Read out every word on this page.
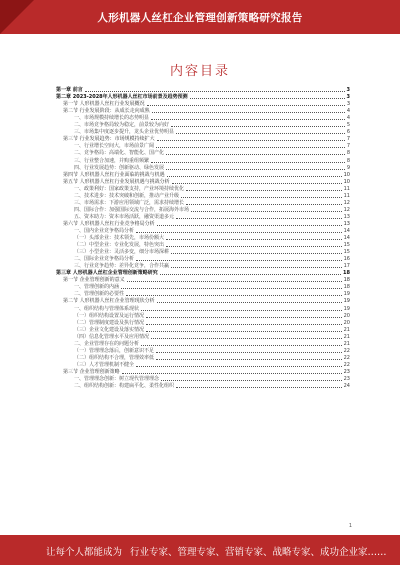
人形机器人丝杠企业管理创新策略研究报告
内容目录
第一章 前言	3
第二章 2023-2028年人形机器人丝杠市场前景及趋势预测	3
第一节 人形机器人丝杠行业发展概况	3
第二节 行业发展阶段：从成长走向成熟	4
一、市场规模持续增长的态势明显	4
二、市场竞争格局较为稳定，前景较为向好	5
三、市场集中度逐步提升，龙头企业优势明显	6
第三节 行业发展趋势：市场规模持续扩大	7
一、行业增长空间大，市场前景广阔	7
二、竞争格局：高端化、智能化、国产化	8
三、行业整合加速，并购重组频繁	8
四、行业发展趋势：创新驱动、绿色发展	9
第四节 人形机器人丝杠行业面临的挑战与机遇	10
第五节 人形机器人丝杠行业发展机遇与挑战分析	10
一、政策利好：国家政策支持，产业环境持续优化	11
二、技术进步：技术突破和创新，推动产业升级	11
三、市场需求：下游应用领域广泛，需求持续增长	12
四、国际合作：加强国际交流与合作，拓展海外市场	12
五、资本助力：资本市场活跃，融资渠道多元	13
第六节 人形机器人丝杠行业竞争格局分析	13
一、国内企业竞争格局分析	14
（一）头部企业：技术领先，市场份额大	14
（二）中型企业：专业化发展，特色突出	15
（三）小型企业：灵活多变，细分市场深耕	15
二、国际企业竞争格局分析	16
三、行业竞争趋势：差异化竞争，合作共赢	17
第三章 人形机器人丝杠企业管理创新策略研究	18
第一节 企业管理创新的意义	18
一、管理创新的内涵	18
二、管理创新的必要性	19
第二节 人形机器人丝杠企业管理现状分析	19
一、组织结构与管理体系现状	19
（一）组织结构设置及运行情况	20
（二）管理制度建设及执行情况	20
（三）企业文化建设及落实情况	21
（四）信息化管理水平及应用情况	21
二、企业管理存在的问题分析	21
（一）管理理念落后，创新意识不足	22
（二）组织结构不合理，管理效率低	22
（三）人才管理机制不健全	22
第三节 企业管理创新策略	23
一、管理理念创新：树立现代管理理念	23
二、组织结构创新：构建扁平化、柔性化组织	24
1
让每个人都能成为 行业专家、管理专家、营销专家、战略专家、成功企业家……
